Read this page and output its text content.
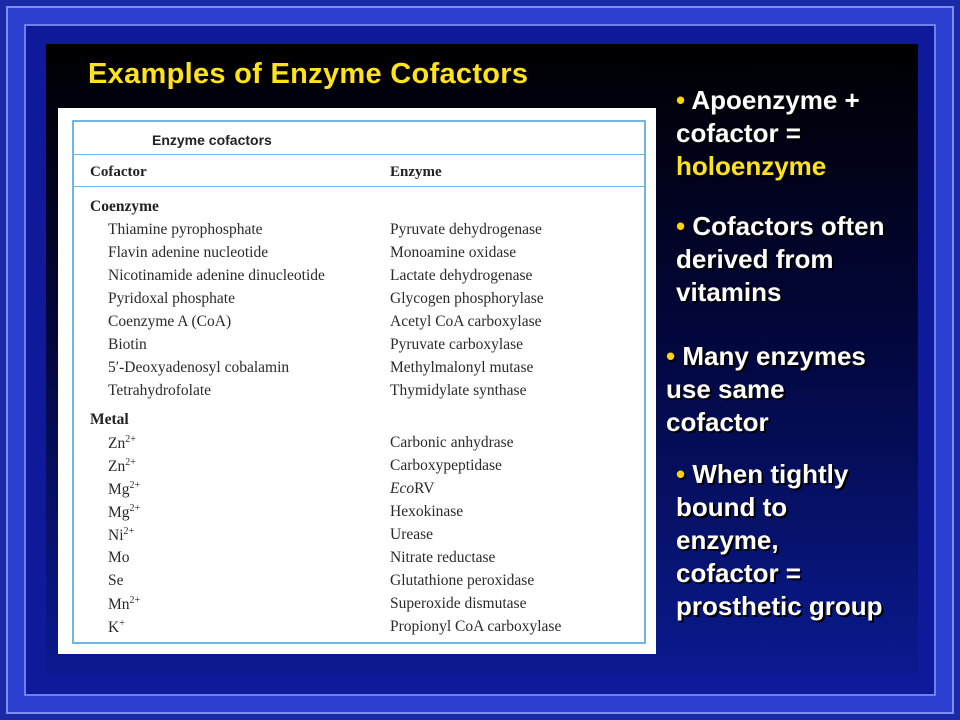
Examples of Enzyme Cofactors
Enzyme cofactors
Cofactor	Enzyme
Coenzyme
Thiamine pyrophosphate	Pyruvate dehydrogenase
Flavin adenine nucleotide	Monoamine oxidase
Nicotinamide adenine dinucleotide	Lactate dehydrogenase
Pyridoxal phosphate	Glycogen phosphorylase
Coenzyme A (CoA)	Acetyl CoA carboxylase
Biotin	Pyruvate carboxylase
5′-Deoxyadenosyl cobalamin	Methylmalonyl mutase
Tetrahydrofolate	Thymidylate synthase
Metal
$Zn^{2+}$	Carbonic anhydrase
$Zn^{2+}$	Carboxypeptidase
$Mg^{2+}$	EcoRV
$Mg^{2+}$	Hexokinase
$Ni^{2+}$	Urease
Mo	Nitrate reductase
Se	Glutathione peroxidase
$Mn^{2+}$	Superoxide dismutase
K+	Propionyl CoA carboxylase
• Apoenzyme +
cofactor =
holoenzyme
• Cofactors often
derived from
vitamins
• Many enzymes
use same
cofactor
• When tightly
bound to
enzyme,
cofactor =
prosthetic group
